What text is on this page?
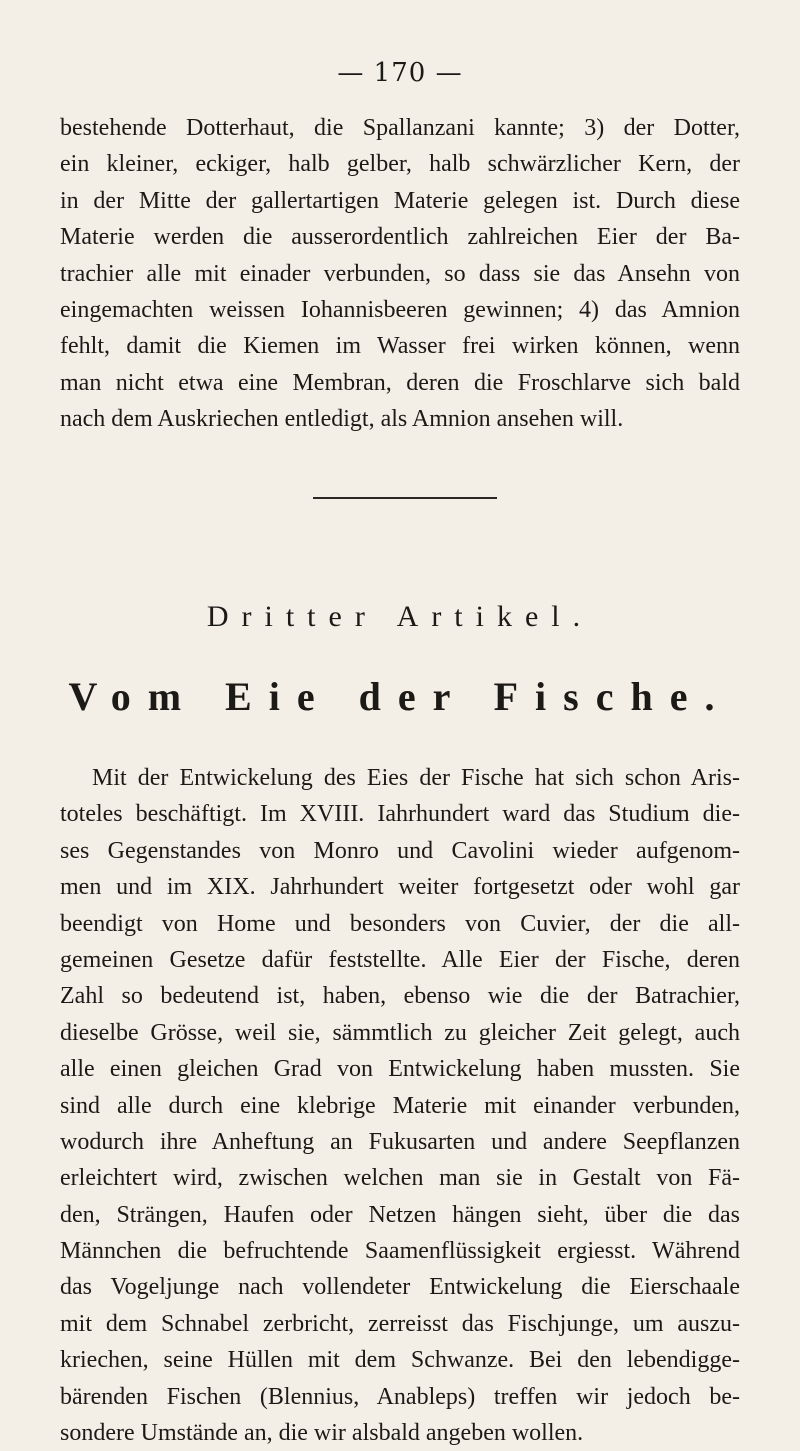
— 170 —
bestehende Dotterhaut, die Spallanzani kannte; 3) der Dotter,
ein kleiner, eckiger, halb gelber, halb schwärzlicher Kern, der
in der Mitte der gallertartigen Materie gelegen ist. Durch diese
Materie werden die ausserordentlich zahlreichen Eier der Ba-
trachier alle mit einader verbunden, so dass sie das Ansehn von
eingemachten weissen Iohannisbeeren gewinnen; 4) das Amnion
fehlt, damit die Kiemen im Wasser frei wirken können, wenn
man nicht etwa eine Membran, deren die Froschlarve sich bald
nach dem Auskriechen entledigt, als Amnion ansehen will.
Dritter Artikel.
Vom Eie der Fische.
Mit der Entwickelung des Eies der Fische hat sich schon Aris-
toteles beschäftigt. Im XVIII. Iahrhundert ward das Studium die-
ses Gegenstandes von Monro und Cavolini wieder aufgenom-
men und im XIX. Jahrhundert weiter fortgesetzt oder wohl gar
beendigt von Home und besonders von Cuvier, der die all-
gemeinen Gesetze dafür feststellte. Alle Eier der Fische, deren
Zahl so bedeutend ist, haben, ebenso wie die der Batrachier,
dieselbe Grösse, weil sie, sämmtlich zu gleicher Zeit gelegt, auch
alle einen gleichen Grad von Entwickelung haben mussten. Sie
sind alle durch eine klebrige Materie mit einander verbunden,
wodurch ihre Anheftung an Fukusarten und andere Seepflanzen
erleichtert wird, zwischen welchen man sie in Gestalt von Fä-
den, Strängen, Haufen oder Netzen hängen sieht, über die das
Männchen die befruchtende Saamenflüssigkeit ergiesst. Während
das Vogeljunge nach vollendeter Entwickelung die Eierschaale
mit dem Schnabel zerbricht, zerreisst das Fischjunge, um auszu-
kriechen, seine Hüllen mit dem Schwanze. Bei den lebendigge-
bärenden Fischen (Blennius, Anableps) treffen wir jedoch be-
sondere Umstände an, die wir alsbald angeben wollen.
